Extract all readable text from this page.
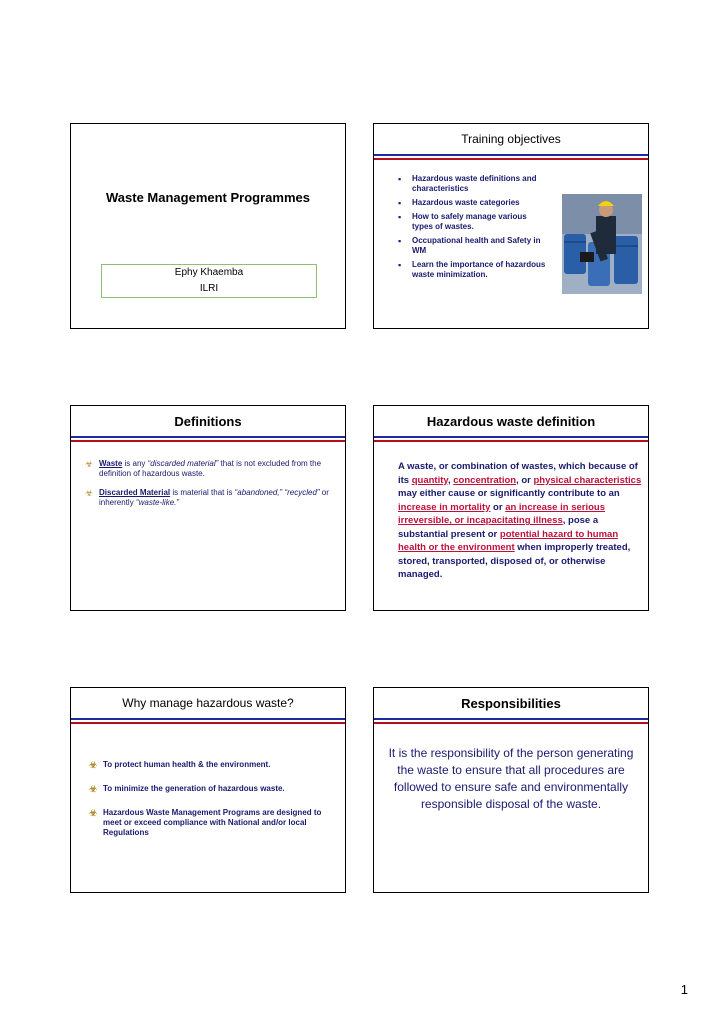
Waste Management Programmes
Ephy Khaemba
ILRI
Training objectives
▪ Hazardous waste definitions and characteristics
▪ Hazardous waste categories
▪ How to safely manage various types of wastes.
▪ Occupational health and Safety in WM
▪ Learn the importance of hazardous waste minimization.
Definitions
☣ Waste is any “discarded material” that is not excluded from the definition of hazardous waste.
☣ Discarded Material is material that is “abandoned,” “recycled” or inherently “waste-like.”
Hazardous waste definition
A waste, or combination of wastes, which because of its quantity, concentration, or physical characteristics may either cause or significantly contribute to an increase in mortality or an increase in serious irreversible, or incapacitating illness, pose a substantial present or potential hazard to human health or the environment when improperly treated, stored, transported, disposed of, or otherwise managed.
Why manage hazardous waste?
☣ To protect human health & the environment.
☣ To minimize the generation of hazardous waste.
☣ Hazardous Waste Management Programs are designed to meet or exceed compliance with National and/or local Regulations
Responsibilities
It is the responsibility of the person generating the waste to ensure that all procedures are followed to ensure safe and environmentally responsible disposal of the waste.
1
